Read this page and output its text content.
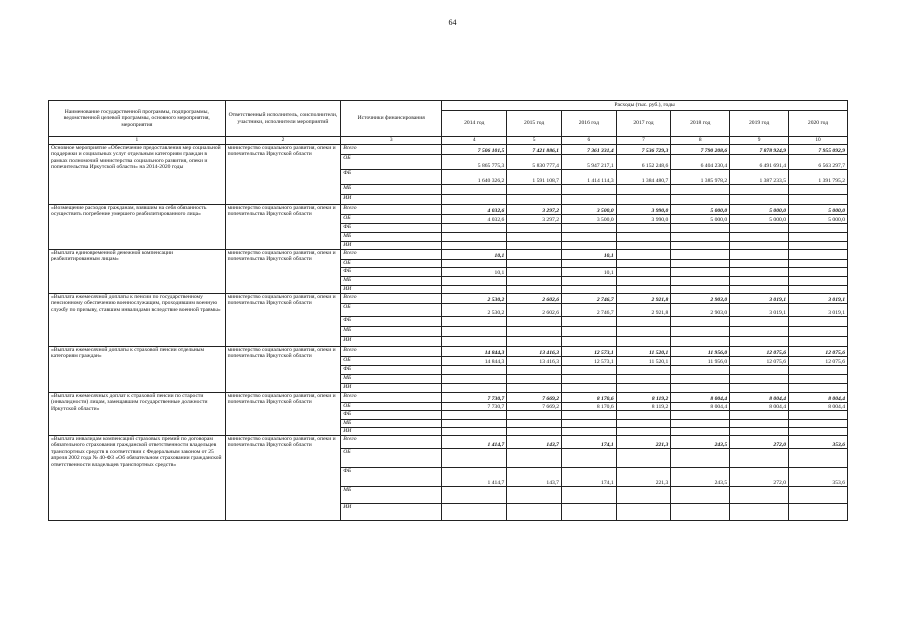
64
Наименование государственной программы, подпрограммы, ведомственной целевой программы, основного мероприятия, мероприятия	Ответственный исполнитель, соисполнители, участники, исполнители мероприятий	Источники финансирования	Расходы (тыс. руб.), годы						
			2014 год	2015 год	2016 год	2017 год	2018 год	2019 год	2020 год
1	2	3	4	5	6	7	8	9	10
Основное мероприятие «Обеспечение предоставления мер социальной поддержки и социальных услуг отдельным категориям граждан в рамках полномочий министерства социального развития, опеки и попечительства Иркутской области» на 2014-2020 годы	министерство социального развития, опеки и попечительства Иркутской области	Всего	7 506 101,5	7 421 886,1	7 361 331,4	7 536 729,3	7 790 208,6	7 878 924,9	7 955 092,9
		ОБ	5 865 775,3	5 830 777,4	5 947 217,1	6 152 248,6	6 404 230,4	6 491 691,4	6 563 297,7
		ФБ	1 640 326,2	1 591 108,7	1 414 114,3	1 384 480,7	1 385 978,2	1 387 233,5	1 391 795,2
		МБ							
		ИИ							
«Возмещение расходов гражданам, взявшим на себя обязанность осуществить погребение умершего реабилитированного лица»	министерство социального развития, опеки и попечительства Иркутской области	Всего	4 032,6	3 297,2	3 500,0	3 990,0	5 000,0	5 000,0	5 000,0
		ОБ	4 032,6	3 297,2	3 500,0	3 990,0	5 000,0	5 000,0	5 000,0
		ФБ							
		МБ							
		ИИ							
«Выплата единовременной денежной компенсации реабилитированным лицам»	министерство социального развития, опеки и попечительства Иркутской области	Всего	10,1		10,1				
		ОБ							
		ФБ	10,1		10,1				
		МБ							
		ИИ							
«Выплата ежемесячной доплаты к пенсии по государственному пенсионному обеспечению военнослужащим, проходившим военную службу по призыву, ставшим инвалидами вследствие военной травмы»	министерство социального развития, опеки и попечительства Иркутской области	Всего	2 530,2	2 602,6	2 746,7	2 921,8	2 903,0	3 019,1	3 019,1
		ОБ	2 530,2	2 602,6	2 746,7	2 921,8	2 903,0	3 019,1	3 019,1
		ФБ							
		МБ							
		ИИ							
«Выплата ежемесячной доплаты к страховой пенсии отдельным категориям граждан»	министерство социального развития, опеки и попечительства Иркутской области	Всего	14 844,3	13 416,3	12 573,1	11 520,1	11 956,0	12 075,6	12 075,6
		ОБ	14 844,3	13 416,3	12 573,1	11 520,1	11 956,0	12 075,6	12 075,6
		ФБ							
		МБ							
		ИИ							
«Выплата ежемесячных доплат к страховой пенсии по старости (инвалидности) лицам, замещавшим государственные должности Иркутской области»	министерство социального развития, опеки и попечительства Иркутской области	Всего	7 730,7	7 669,2	8 170,6	8 119,2	8 004,4	8 004,4	8 004,4
		ОБ	7 730,7	7 669,2	8 170,6	8 119,2	8 004,4	8 004,4	8 004,4
		ФБ							
		МБ							
		ИИ							
«Выплата инвалидам компенсаций страховых премий по договорам обязательного страхования гражданской ответственности владельцев транспортных средств в соответствии с Федеральным законом от 25 апреля 2002 года № 40-ФЗ «Об обязательном страховании гражданской ответственности владельцев транспортных средств»	министерство социального развития, опеки и попечительства Иркутской области	Всего	1 414,7	143,7	174,1	221,3	243,5	272,0	353,6
		ОБ							
		ФБ	1 414,7	143,7	174,1	221,3	243,5	272,0	353,6
		МБ							
		ИИ							
